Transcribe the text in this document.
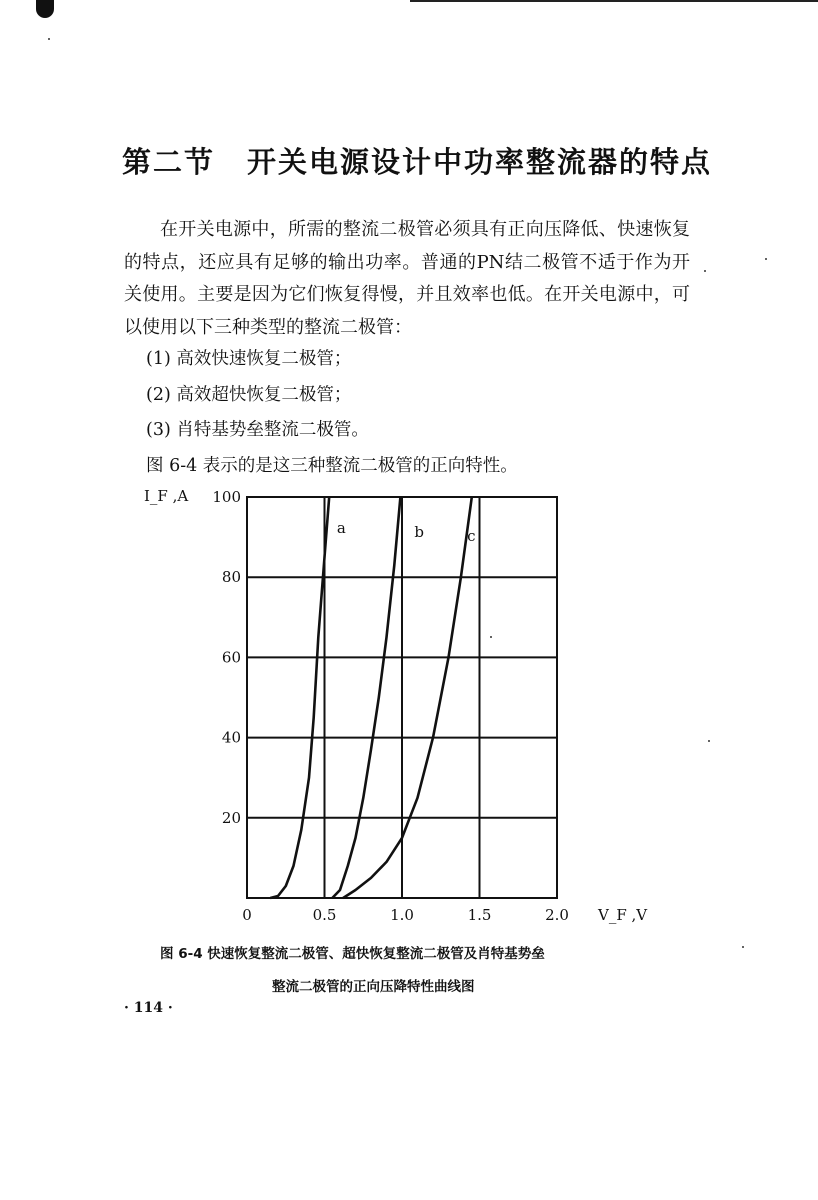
第二节 开关电源设计中功率整流器的特点
在开关电源中，所需的整流二极管必须具有正向压降低、快速恢复的特点，还应具有足够的输出功率。普通的PN结二极管不适于作为开关使用。主要是因为它们恢复得慢，并且效率也低。在开关电源中，可以使用以下三种类型的整流二极管：
(1) 高效快速恢复二极管；
(2) 高效超快恢复二极管；
(3) 肖特基势垒整流二极管。
图 6-4 表示的是这三种整流二极管的正向特性。
a	b	c
0	0.5	1.0	1.5	2.0
20
40
60
80
100
I_F ,A
V_F ,V
图 6-4 快速恢复整流二极管、超快恢复整流二极管及肖特基势垒
整流二极管的正向压降特性曲线图
· 114 ·
